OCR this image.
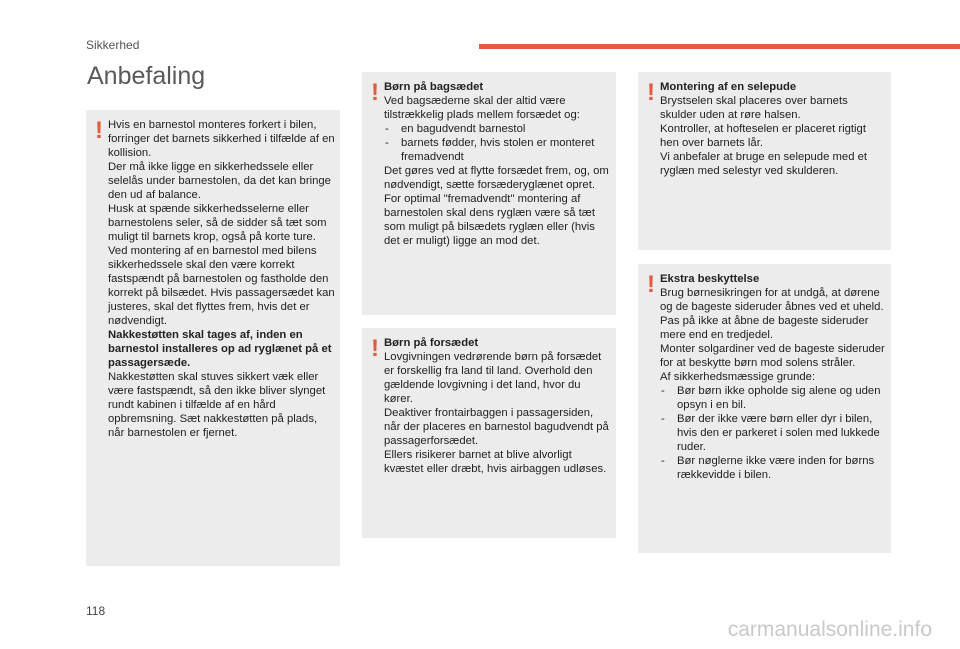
Sikkerhed
Anbefaling
! Hvis en barnestol monteres forkert i bilen, forringer det barnets sikkerhed i tilfælde af en kollision.

Der må ikke ligge en sikkerhedssele eller selelås under barnestolen, da det kan bringe den ud af balance.

Husk at spænde sikkerhedsselerne eller barnestolens seler, så de sidder så tæt som muligt til barnets krop, også på korte ture.

Ved montering af en barnestol med bilens sikkerhedssele skal den være korrekt fastspændt på barnestolen og fastholde den korrekt på bilsædet. Hvis passagersædet kan justeres, skal det flyttes frem, hvis det er nødvendigt.

Nakkestøtten skal tages af, inden en barnestol installeres op ad ryglænet på et passagersæde.

Nakkestøtten skal stuves sikkert væk eller være fastspændt, så den ikke bliver slynget rundt kabinen i tilfælde af en hård opbremsning. Sæt nakkestøtten på plads, når barnestolen er fjernet.

! Børn på bagsædet

Ved bagsæderne skal der altid være tilstrækkelig plads mellem forsædet og:

- en bagudvendt barnestol

- barnets fødder, hvis stolen er monteret fremadvendt

Det gøres ved at flytte forsædet frem, og, om nødvendigt, sætte forsæderyglænet opret.

For optimal "fremadvendt" montering af barnestolen skal dens ryglæn være så tæt som muligt på bilsædets ryglæn eller (hvis det er muligt) ligge an mod det.

! Børn på forsædet

Lovgivningen vedrørende børn på forsædet er forskellig fra land til land. Overhold den gældende lovgivning i det land, hvor du kører.

Deaktiver frontairbaggen i passagersiden, når der placeres en barnestol bagudvendt på passagerforsædet.

Ellers risikerer barnet at blive alvorligt kvæstet eller dræbt, hvis airbaggen udløses.

! Montering af en selepude

Brystselen skal placeres over barnets skulder uden at røre halsen.

Kontroller, at hofteselen er placeret rigtigt hen over barnets lår.

Vi anbefaler at bruge en selepude med et ryglæn med selestyr ved skulderen.

! Ekstra beskyttelse

Brug børnesikringen for at undgå, at dørene og de bageste sideruder åbnes ved et uheld.

Pas på ikke at åbne de bageste sideruder mere end en tredjedel.

Monter solgardiner ved de bageste sideruder for at beskytte børn mod solens stråler.

Af sikkerhedsmæssige grunde:

- Bør børn ikke opholde sig alene og uden opsyn i en bil.

- Bør der ikke være børn eller dyr i bilen, hvis den er parkeret i solen med lukkede ruder.

- Bør nøglerne ikke være inden for børns rækkevidde i bilen.

118
carmanualsonline.info
